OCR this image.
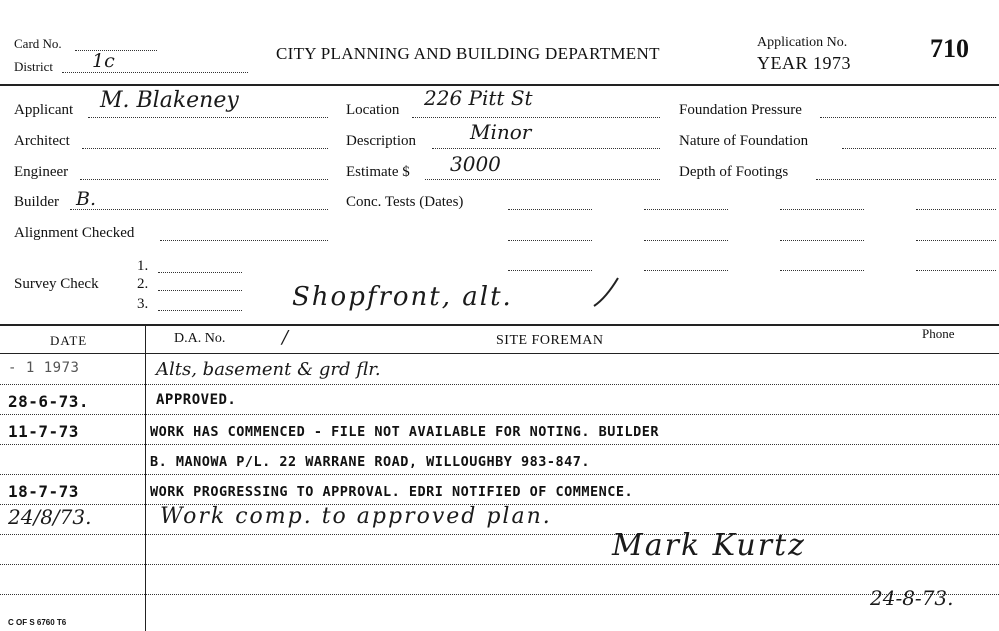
Card No.
District 1c	CITY PLANNING AND BUILDING DEPARTMENT
Application No.
YEAR 1973	710
Applicant M. Blakeney
Architect
Engineer
Builder B.
Alignment Checked
Survey Check
1.
2.
3.
Location 226 Pitt St
Description	Minor
Estimate $ 3000
Conc. Tests (Dates)
Shopfront, alt.
Foundation Pressure
Nature of Foundation
Depth of Footings
DATE	D.A. No.	/	SITE FOREMAN	Phone
- 1 1973	Alts, basement & grd flr.
28-6-73.	APPROVED.
11-7-73	WORK HAS COMMENCED - FILE NOT AVAILABLE FOR NOTING. BUILDER
B. MANOWA P/L. 22 WARRANE ROAD, WILLOUGHBY 983-847.
18-7-73	WORK PROGRESSING TO APPROVAL. EDRI NOTIFIED OF COMMENCE.
24/8/73.	Work comp. to approved plan.
Mark Kurtz
24-8-73.
C OF S 6760 T6
